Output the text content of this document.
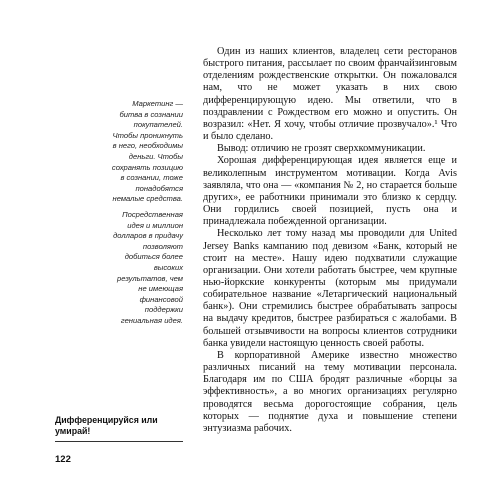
Маркетинг — битва в сознании покупателей. Чтобы проникнуть в него, необходимы деньги. Чтобы сохранять позицию в сознании, тоже понадобятся немалые средства.

Посредственная идея и миллион долларов в придачу позволяют добиться более высоких результатов, чем не имеющая финансовой поддержки гениальная идея.

Дифференцируйся или умирай!
122

Один из наших клиентов, владелец сети ресторанов быстрого питания, рассылает по своим франчайзинговым отделениям рождественские открытки. Он пожаловался нам, что не может указать в них свою дифференцирующую идею. Мы ответили, что в поздравлении с Рождеством его можно и опустить. Он возразил: «Нет. Я хочу, чтобы отличие прозвучало».¹ Что и было сделано.

Вывод: отличию не грозят сверхкоммуникации.

Хорошая дифференцирующая идея является еще и великолепным инструментом мотивации. Когда Avis заявляла, что она — «компания № 2, но старается больше других», ее работники принимали это близко к сердцу. Они гордились своей позицией, пусть она и принадлежала побежденной организации.

Несколько лет тому назад мы проводили для United Jersey Banks кампанию под девизом «Банк, который не стоит на месте». Нашу идею подхватили служащие организации. Они хотели работать быстрее, чем крупные нью-йоркские конкуренты (которым мы придумали собирательное название «Летаргический национальный банк»). Они стремились быстрее обрабатывать запросы на выдачу кредитов, быстрее разбираться с жалобами. В большей отзывчивости на вопросы клиентов сотрудники банка увидели настоящую ценность своей работы.

В корпоративной Америке известно множество различных писаний на тему мотивации персонала. Благодаря им по США бродят различные «борцы за эффективность», а во многих организациях регулярно проводятся весьма дорогостоящие собрания, цель которых — поднятие духа и повышение степени энтузиазма рабочих.
